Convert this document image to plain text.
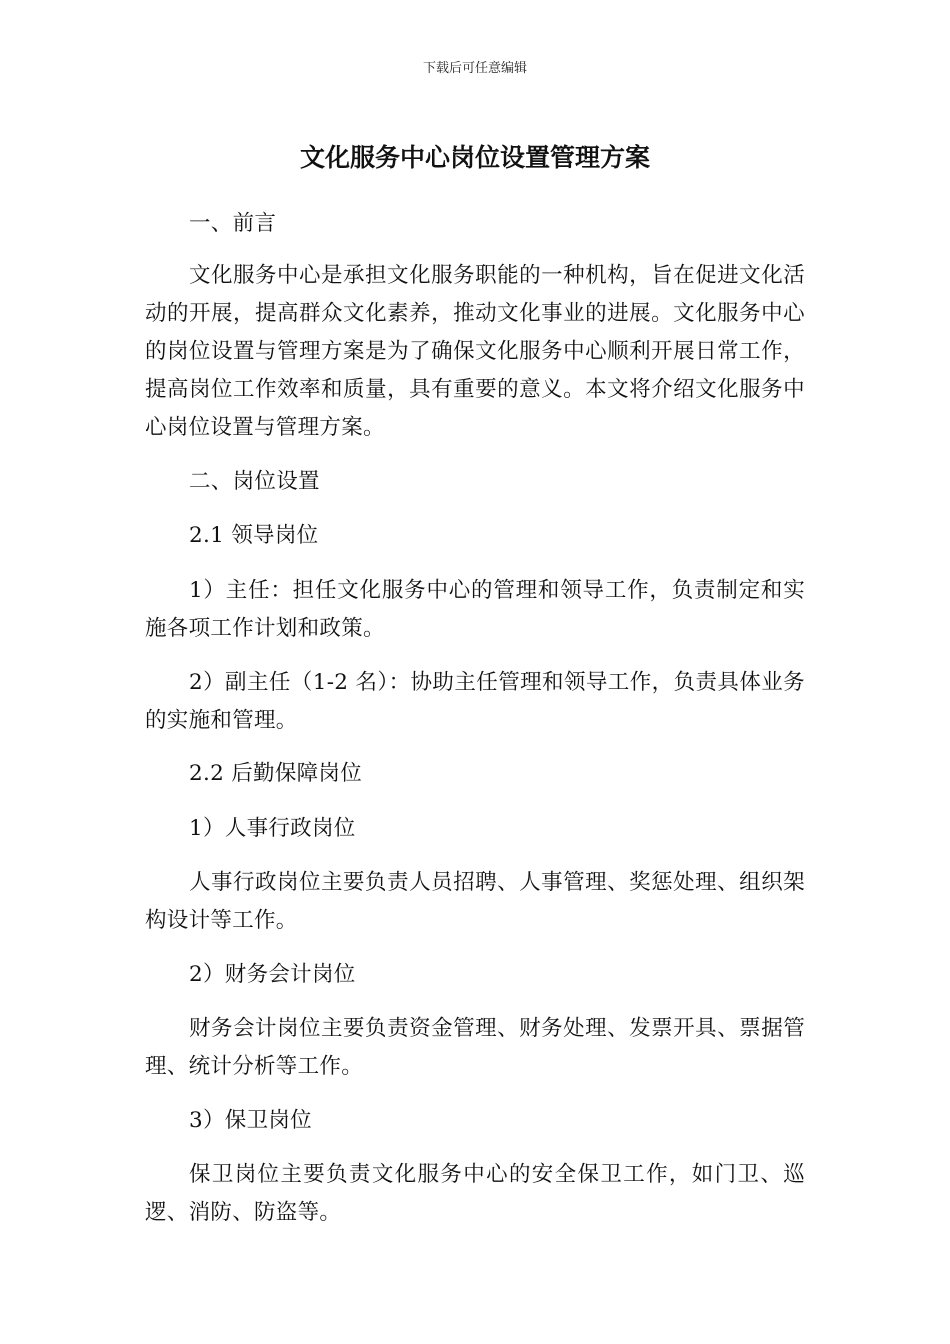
下载后可任意编辑
文化服务中心岗位设置管理方案

一、前言

文化服务中心是承担文化服务职能的一种机构，旨在促进文化活动的开展，提高群众文化素养，推动文化事业的进展。文化服务中心的岗位设置与管理方案是为了确保文化服务中心顺利开展日常工作，提高岗位工作效率和质量，具有重要的意义。本文将介绍文化服务中心岗位设置与管理方案。

二、岗位设置

2.1 领导岗位

1）主任：担任文化服务中心的管理和领导工作，负责制定和实施各项工作计划和政策。

2）副主任（1-2 名）：协助主任管理和领导工作，负责具体业务的实施和管理。

2.2 后勤保障岗位

1）人事行政岗位

人事行政岗位主要负责人员招聘、人事管理、奖惩处理、组织架构设计等工作。

2）财务会计岗位

财务会计岗位主要负责资金管理、财务处理、发票开具、票据管理、统计分析等工作。

3）保卫岗位

保卫岗位主要负责文化服务中心的安全保卫工作，如门卫、巡逻、消防、防盗等。
